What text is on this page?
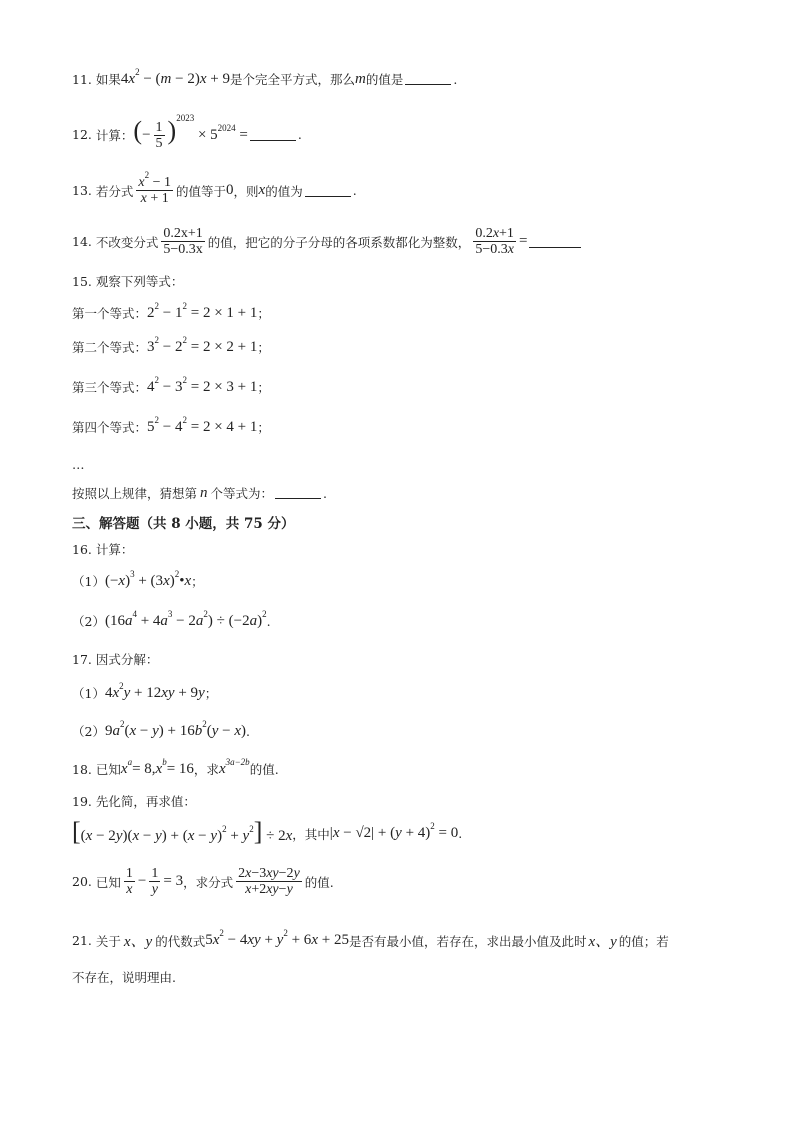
11.
如果 $4x^2 - (m - 2)x + 9$ 是个完全平方式，那么 m 的值是	.
12.
计算： (− $\frac{1}{5} )^{2023} \times 5^{2024}$ =	.
13.
若分式 $\frac{x^2 - 1}{x + 1}$ 的值等于 0 ，则 x 的值为	.
14.
不改变分式 $\frac{0.2x+1}{5-0.3x}$ 的值，把它的分子分母的各项系数都化为整数， $\frac{0.2x+1}{5-0.3x}$ =
15.
观察下列等式：
第一个等式： $2^2 - 1^2 = 2 \times 1 + 1$ ；
第二个等式： $3^2 - 2^2 = 2 \times 2 + 1$ ；
第三个等式： $4^2 - 3^2 = 2 \times 3 + 1$ ；
第四个等式： $5^2 - 4^2 = 2 \times 4 + 1$ ；
…
按照以上规律，猜想第 n 个等式为：	.
三、解答题（共 8 小题，共 75 分）
16.
计算：
（1） $(-x)^3$ + $(3x)^2•x$ ；
（2） $(16a^4 + 4a^3 - 2a^2) \div (-2a)^2$ .
17.
因式分解：
（1） $4x^2y + 12xy + 9y$ ；
（2） $9a^2(x - y) + 16b^2(y - x)$ .
18.
已知 $x^a = 8$, $x^b = 16$ ，求 $x^{3a-2b}$
的值.
19.
先化简，再求值：
$[(x - 2y)(x - y) + (x - y)^2 + y^2] \div 2x$ ，其中 $|x - √2| + (y + 4)^2 = 0$ .
20.
已知 $\frac{1}{x} - \frac{1}{y} = 3$ ，求分式 $\frac{2x-3xy-2y}{x+2xy-y}$ 的值.
21.
关于 x、y 的代数式 $5x^2 - 4xy + y^2 + 6x + 25$ 是否有最小值，若存在，求出最小值及此时 x、y 的值；若
不存在，说明理由.
